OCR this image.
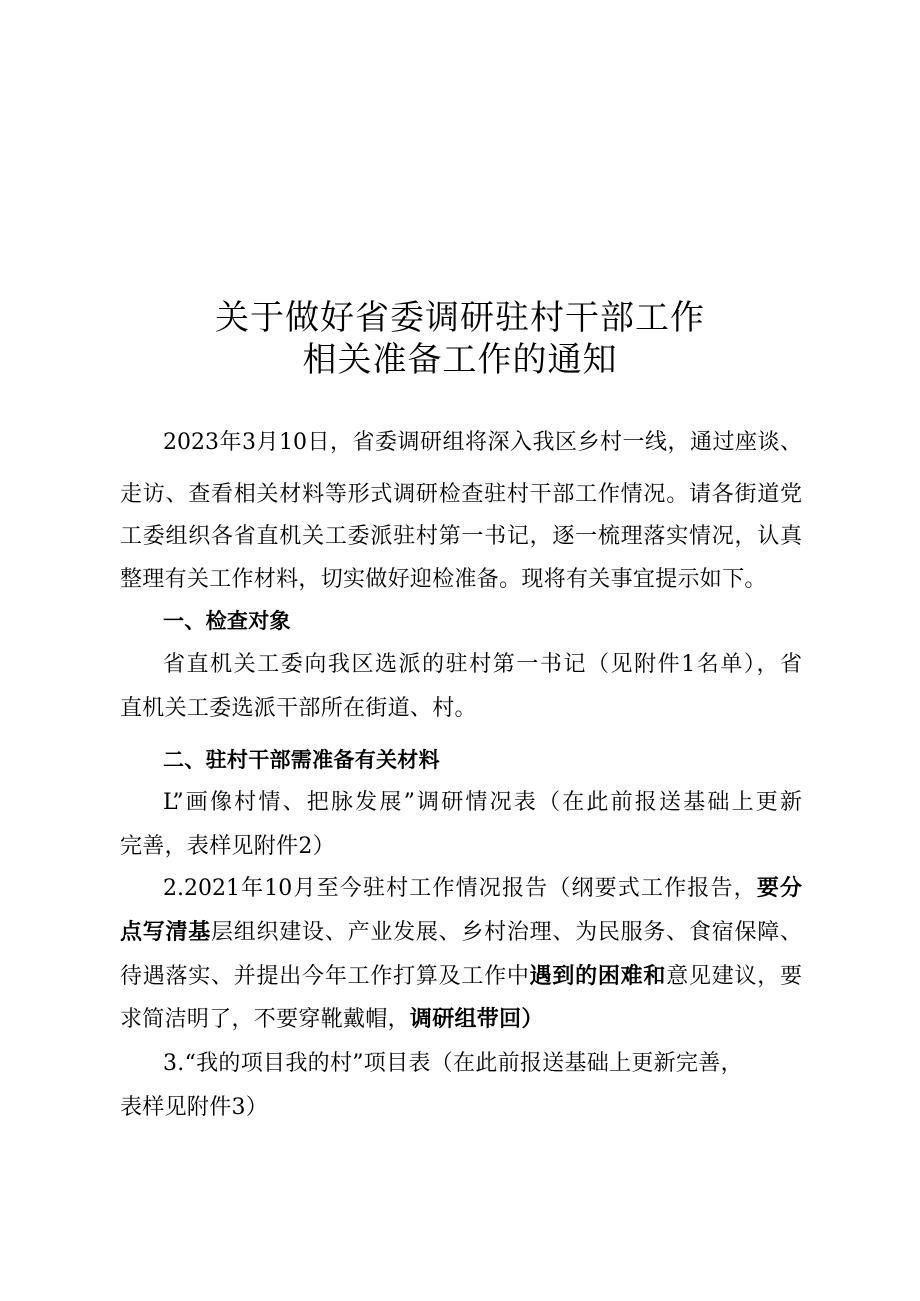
关于做好省委调研驻村干部工作
相关准备工作的通知
2023年3月10日，省委调研组将深入我区乡村一线，通过座谈、
走访、查看相关材料等形式调研检查驻村干部工作情况。请各街道党
工委组织各省直机关工委派驻村第一书记，逐一梳理落实情况，认真
整理有关工作材料，切实做好迎检准备。现将有关事宜提示如下。
一、检查对象
省直机关工委向我区选派的驻村第一书记（见附件1名单），省
直机关工委选派干部所在街道、村。
二、驻村干部需准备有关材料
L”画像村情、把脉发展”调研情况表（在此前报送基础上更新
完善，表样见附件2）
2.2021年10月至今驻村工作情况报告（纲要式工作报告，要分
点写清基层组织建设、产业发展、乡村治理、为民服务、食宿保障、
待遇落实、并提出今年工作打算及工作中遇到的困难和意见建议，要
求简洁明了，不要穿靴戴帽，调研组带回）
3.“我的项目我的村”项目表（在此前报送基础上更新完善，
表样见附件3）
